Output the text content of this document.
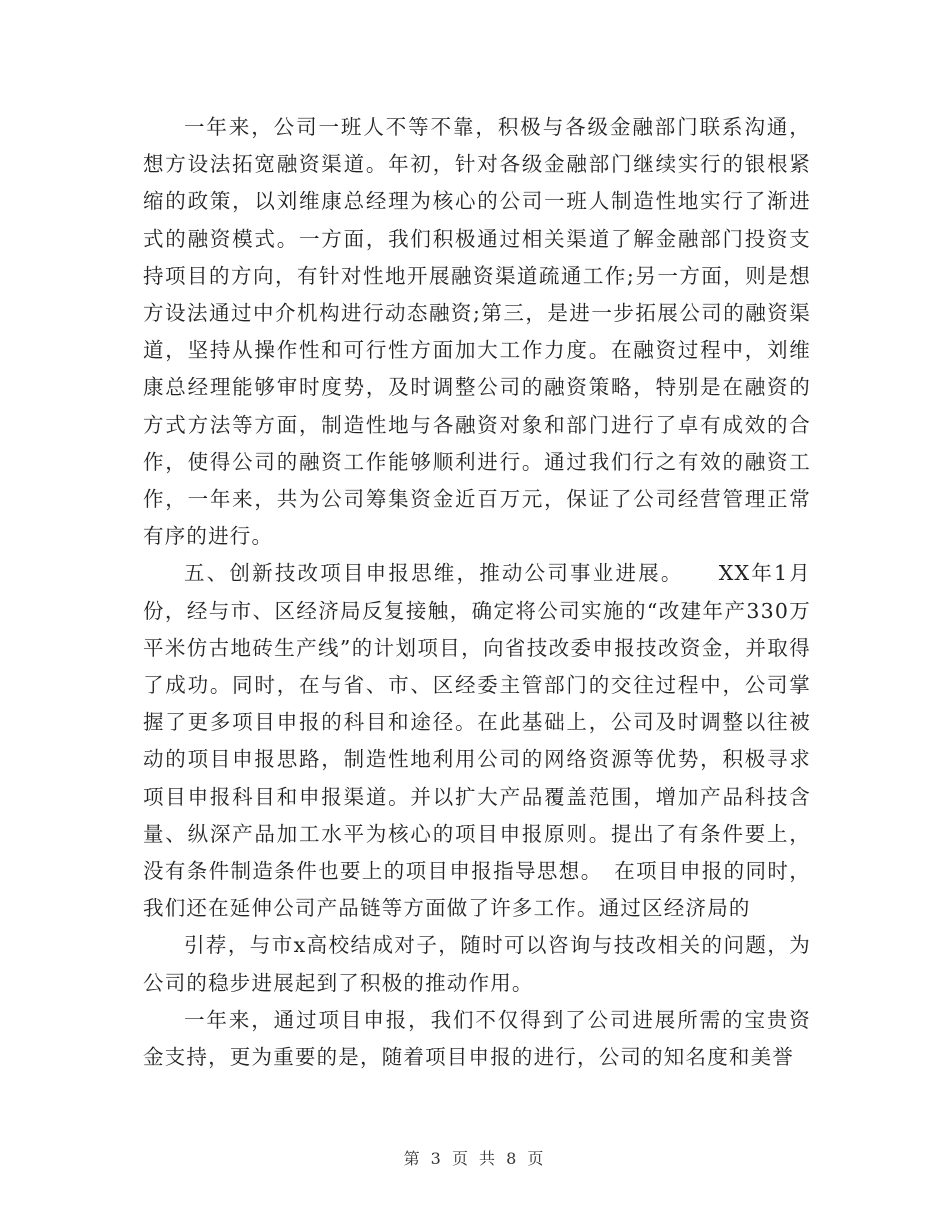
一年来，公司一班人不等不靠，积极与各级金融部门联系沟通，想方设法拓宽融资渠道。年初，针对各级金融部门继续实行的银根紧缩的政策，以刘维康总经理为核心的公司一班人制造性地实行了渐进式的融资模式。一方面，我们积极通过相关渠道了解金融部门投资支持项目的方向，有针对性地开展融资渠道疏通工作;另一方面，则是想方设法通过中介机构进行动态融资;第三，是进一步拓展公司的融资渠道，坚持从操作性和可行性方面加大工作力度。在融资过程中，刘维康总经理能够审时度势，及时调整公司的融资策略，特别是在融资的方式方法等方面，制造性地与各融资对象和部门进行了卓有成效的合作，使得公司的融资工作能够顺利进行。通过我们行之有效的融资工作，一年来，共为公司筹集资金近百万元，保证了公司经营管理正常有序的进行。

五、创新技改项目申报思维，推动公司事业进展。　　XX年1月份，经与市、区经济局反复接触，确定将公司实施的“改建年产330万平米仿古地砖生产线”的计划项目，向省技改委申报技改资金，并取得了成功。同时，在与省、市、区经委主管部门的交往过程中，公司掌握了更多项目申报的科目和途径。在此基础上，公司及时调整以往被动的项目申报思路，制造性地利用公司的网络资源等优势，积极寻求项目申报科目和申报渠道。并以扩大产品覆盖范围，增加产品科技含量、纵深产品加工水平为核心的项目申报原则。提出了有条件要上，没有条件制造条件也要上的项目申报指导思想。　在项目申报的同时，我们还在延伸公司产品链等方面做了许多工作。通过区经济局的

引荐，与市x高校结成对子，随时可以咨询与技改相关的问题，为公司的稳步进展起到了积极的推动作用。

一年来，通过项目申报，我们不仅得到了公司进展所需的宝贵资金支持，更为重要的是，随着项目申报的进行，公司的知名度和美誉

第 3 页 共 8 页
